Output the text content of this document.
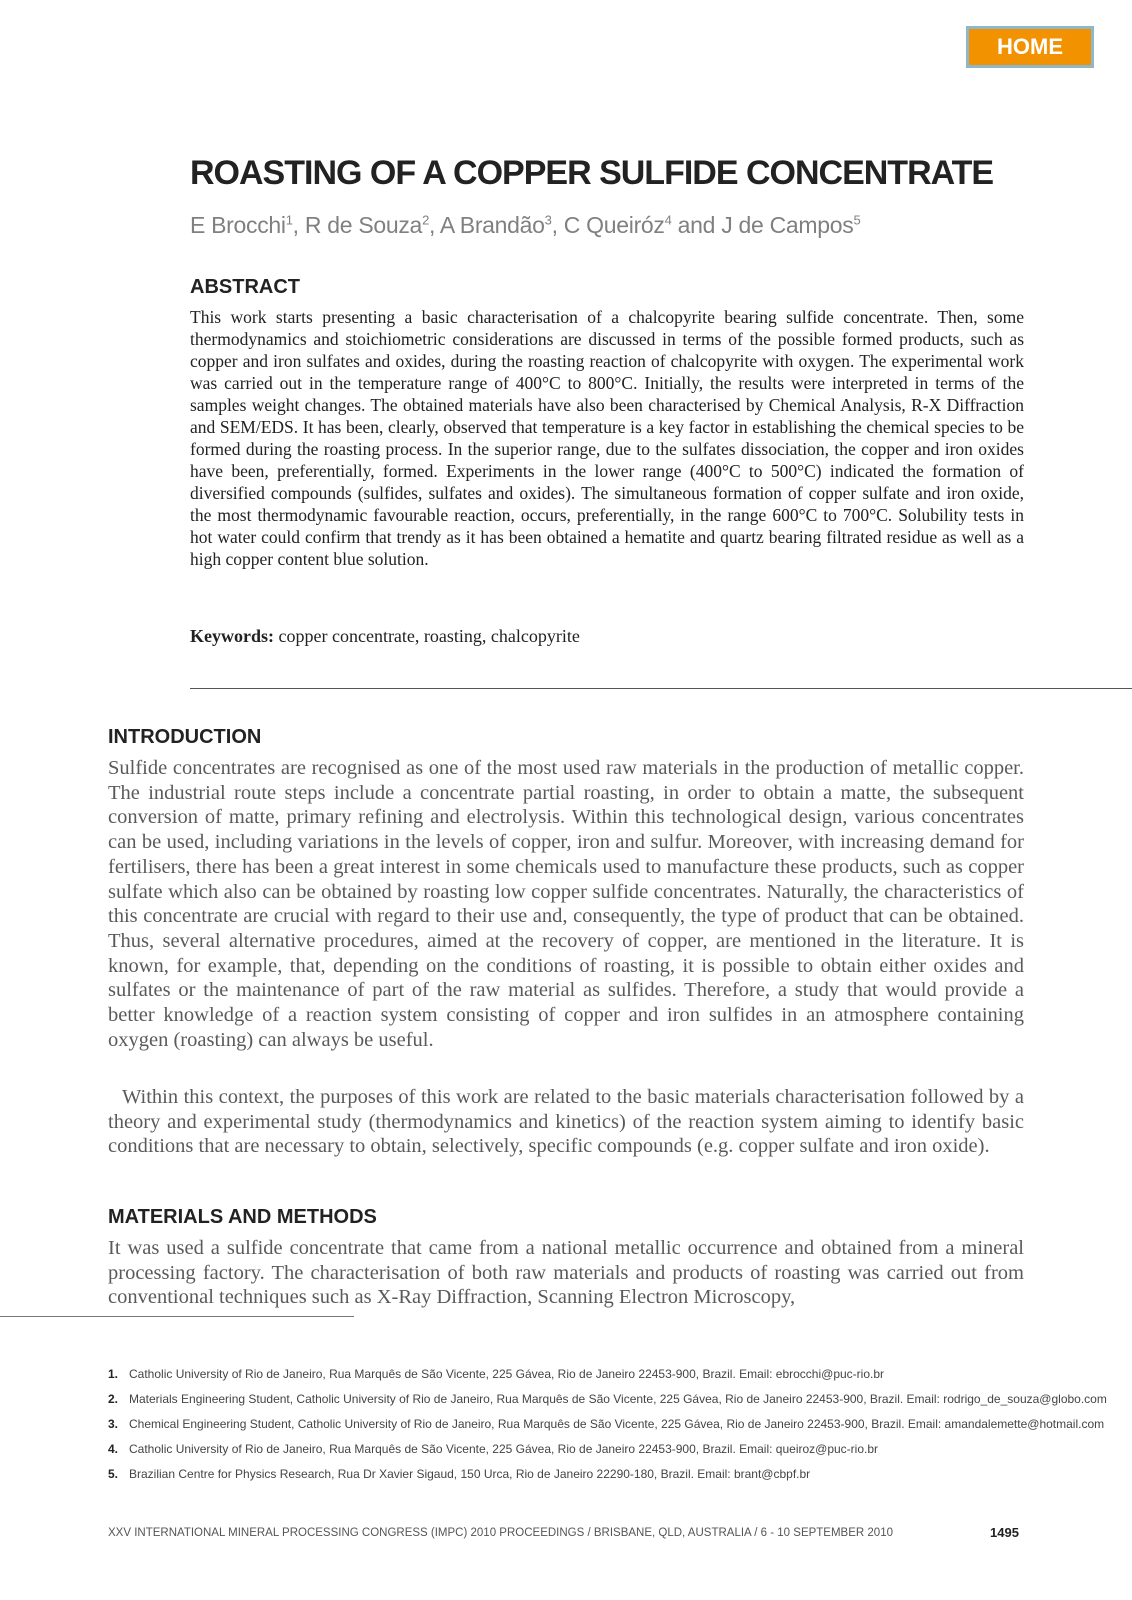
HOME
ROASTING OF A COPPER SULFIDE CONCENTRATE

E Brocchi$^1$, R de Souza$^2$, A Brandão$^3$, C Queiróz$^4$ and J de Campos$^5$

ABSTRACT

This work starts presenting a basic characterisation of a chalcopyrite bearing sulfide concentrate. Then, some thermodynamics and stoichiometric considerations are discussed in terms of the possible formed products, such as copper and iron sulfates and oxides, during the roasting reaction of chalcopyrite with oxygen. The experimental work was carried out in the temperature range of 400°C to 800°C. Initially, the results were interpreted in terms of the samples weight changes. The obtained materials have also been characterised by Chemical Analysis, R-X Diffraction and SEM/EDS. It has been, clearly, observed that temperature is a key factor in establishing the chemical species to be formed during the roasting process. In the superior range, due to the sulfates dissociation, the copper and iron oxides have been, preferentially, formed. Experiments in the lower range (400°C to 500°C) indicated the formation of diversified compounds (sulfides, sulfates and oxides). The simultaneous formation of copper sulfate and iron oxide, the most thermodynamic favourable reaction, occurs, preferentially, in the range 600°C to 700°C. Solubility tests in hot water could confirm that trendy as it has been obtained a hematite and quartz bearing filtrated residue as well as a high copper content blue solution.

Keywords: copper concentrate, roasting, chalcopyrite

INTRODUCTION

Sulfide concentrates are recognised as one of the most used raw materials in the production of metallic copper. The industrial route steps include a concentrate partial roasting, in order to obtain a matte, the subsequent conversion of matte, primary refining and electrolysis. Within this technological design, various concentrates can be used, including variations in the levels of copper, iron and sulfur. Moreover, with increasing demand for fertilisers, there has been a great interest in some chemicals used to manufacture these products, such as copper sulfate which also can be obtained by roasting low copper sulfide concentrates. Naturally, the characteristics of this concentrate are crucial with regard to their use and, consequently, the type of product that can be obtained. Thus, several alternative procedures, aimed at the recovery of copper, are mentioned in the literature. It is known, for example, that, depending on the conditions of roasting, it is possible to obtain either oxides and sulfates or the maintenance of part of the raw material as sulfides. Therefore, a study that would provide a better knowledge of a reaction system consisting of copper and iron sulfides in an atmosphere containing oxygen (roasting) can always be useful.

Within this context, the purposes of this work are related to the basic materials characterisation followed by a theory and experimental study (thermodynamics and kinetics) of the reaction system aiming to identify basic conditions that are necessary to obtain, selectively, specific compounds (e.g. copper sulfate and iron oxide).

MATERIALS AND METHODS

It was used a sulfide concentrate that came from a national metallic occurrence and obtained from a mineral processing factory. The characterisation of both raw materials and products of roasting was carried out from conventional techniques such as X-Ray Diffraction, Scanning Electron Microscopy,

1. Catholic University of Rio de Janeiro, Rua Marquês de São Vicente, 225 Gávea, Rio de Janeiro 22453-900, Brazil. Email: ebrocchi@puc-rio.br
2. Materials Engineering Student, Catholic University of Rio de Janeiro, Rua Marquês de São Vicente, 225 Gávea, Rio de Janeiro 22453-900, Brazil. Email: rodrigo_de_souza@globo.com
3. Chemical Engineering Student, Catholic University of Rio de Janeiro, Rua Marquês de São Vicente, 225 Gávea, Rio de Janeiro 22453-900, Brazil. Email: amandalemette@hotmail.com
4. Catholic University of Rio de Janeiro, Rua Marquês de São Vicente, 225 Gávea, Rio de Janeiro 22453-900, Brazil. Email: queiroz@puc-rio.br
5. Brazilian Centre for Physics Research, Rua Dr Xavier Sigaud, 150 Urca, Rio de Janeiro 22290-180, Brazil. Email: brant@cbpf.br

XXV INTERNATIONAL MINERAL PROCESSING CONGRESS (IMPC) 2010 PROCEEDINGS / BRISBANE, QLD, AUSTRALIA / 6 - 10 SEPTEMBER 2010	1495
